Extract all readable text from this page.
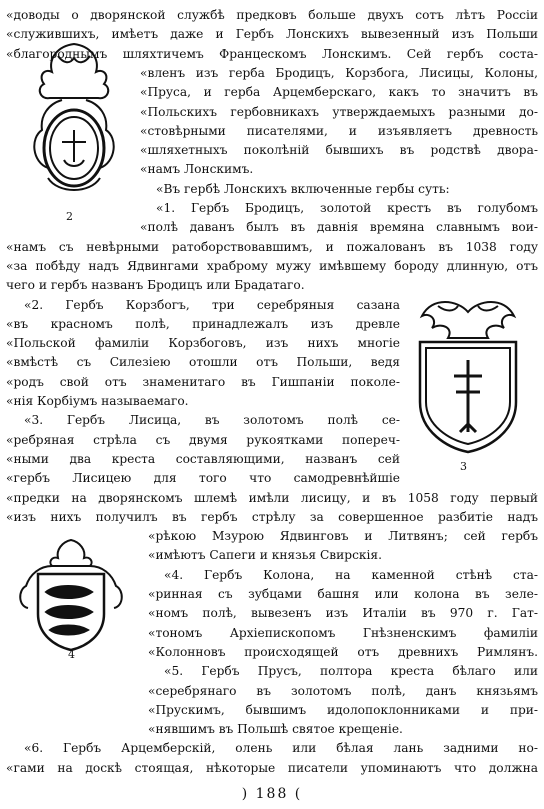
2
3
4
«доводы о дворянской службѣ предковъ больше двухъ сотъ лѣтъ Россіи
«служившихъ, имѣетъ даже и Гербъ Лонскихъ вывезенный изъ Польши
«благороднымъ шляхтичемъ Францескомъ Лонскимъ. Сей гербъ соста-
«вленъ изъ герба Бродицъ, Корзбога, Лисицы, Колоны,
«Пруса, и герба Арцемберскаго, какъ то значитъ въ
«Польскихъ гербовникахъ утверждаемыхъ разными до-
«стовѣрными писателями, и изъявляетъ древность
«шляхетныхъ поколѣній бывшихъ въ родствѣ двора-
«намъ Лонскимъ.
«Въ гербѣ Лонскихъ включенные гербы суть:
«1. Гербъ Бродицъ, золотой крестъ въ голубомъ
«полѣ даванъ былъ въ давнія времяна славнымъ вои-
«намъ съ невѣрными ратоборствовавшимъ, и пожалованъ въ 1038 году
«за побѣду надъ Ядвингами храброму мужу имѣвшему бороду длинную, отъ
чего и гербъ названъ Бродицъ или Брадатаго.
«2. Гербъ Корзбогъ, три серебряныя сазана
«въ красномъ полѣ, принадлежалъ изъ древле
«Польской фамиліи Корзбоговъ, изъ нихъ многіе
«вмѣстѣ съ Силезіею отошли отъ Польши, ведя
«родъ свой отъ знаменитаго въ Гишпаніи поколе-
«нія Корбіумъ называемаго.
«3. Гербъ Лисица, въ золотомъ полѣ се-
«ребряная стрѣла съ двумя рукоятками попереч-
«ными два креста составляющими, названъ сей
«гербъ Лисицею для того что самодревнѣйшіе
«предки на дворянскомъ шлемѣ имѣли лисицу, и въ 1058 году первый
«изъ нихъ получилъ въ гербъ стрѣлу за совершенное разбитіе надъ
«рѣкою Мзурою Ядвинговъ и Литвянъ; сей гербъ
«имѣютъ Сапеги и князья Свирскія.
«4. Гербъ Колона, на каменной стѣнѣ ста-
«ринная съ зубцами башня или колона въ зеле-
«номъ полѣ, вывезенъ изъ Италіи въ 970 г. Гат-
«тономъ Архіепископомъ Гнѣзненскимъ фамиліи
«Колонновъ происходящей отъ древнихъ Римлянъ.
«5. Гербъ Прусъ, полтора креста бѣлаго или
«серебрянаго въ золотомъ полѣ, данъ князьямъ
«Прускимъ, бывшимъ идолопоклонниками и при-
«нявшимъ въ Польшѣ святое крещеніе.
«6. Гербъ Арцемберскій, олень или бѣлая лань задними но-
«гами на доскѣ стоящая, нѣкоторые писатели упоминаютъ что должна
) 188 (
